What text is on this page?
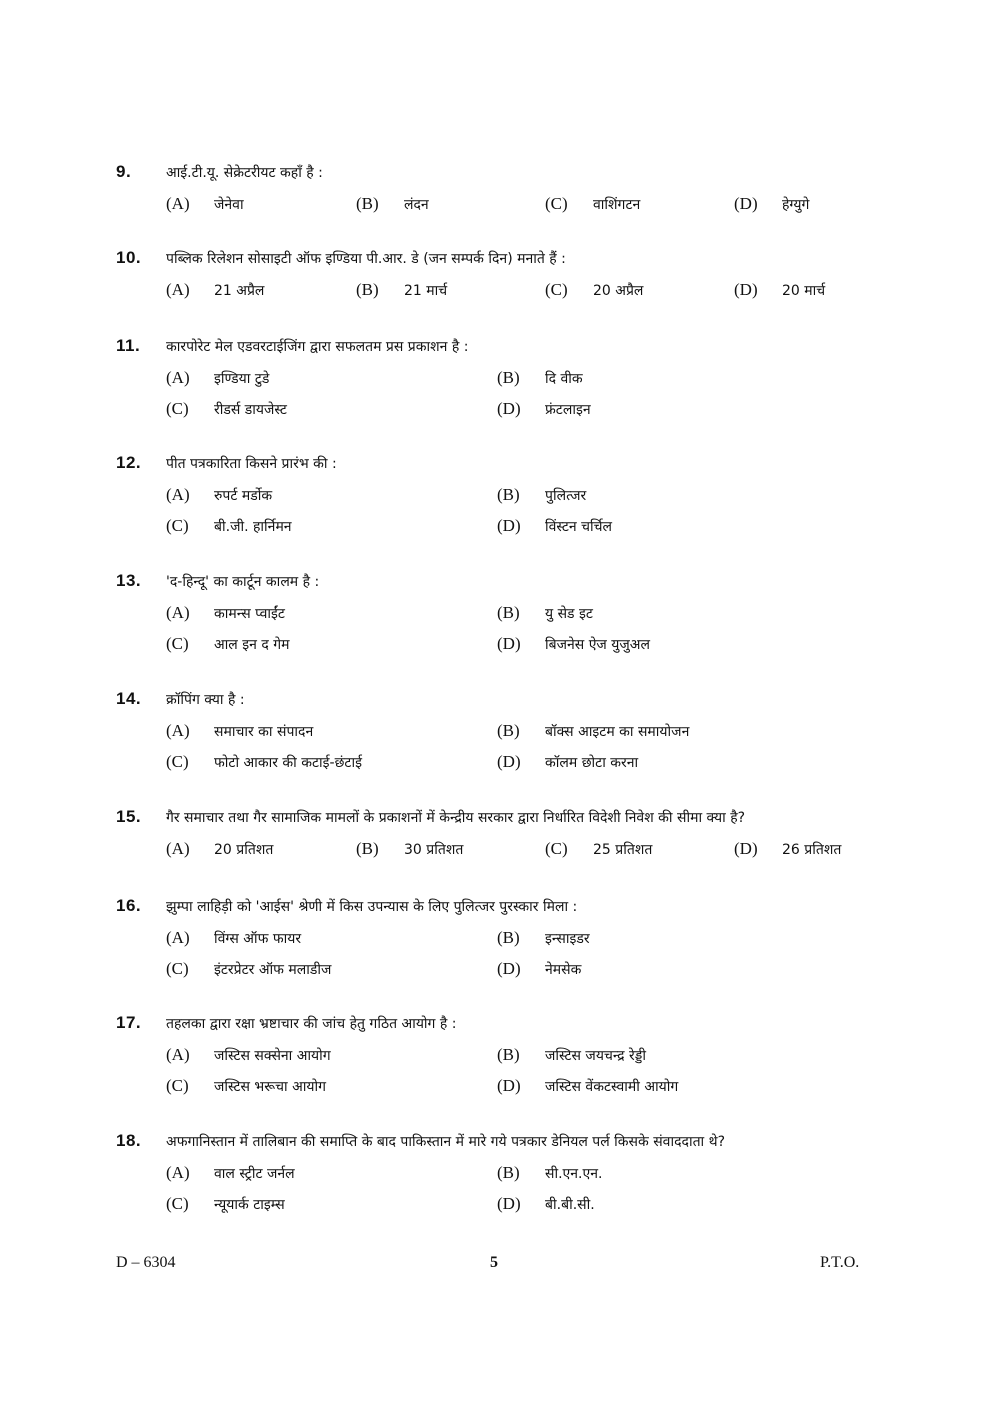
9. आई.टी.यू. सेक्रेटरीयट कहाँ है :
(A) जेनेवा	(B) लंदन	(C) वाशिंगटन	(D) हेग्युगे
10. पब्लिक रिलेशन सोसाइटी ऑफ इण्डिया पी.आर. डे (जन सम्पर्क दिन) मनाते हैं :
(A) 21 अप्रैल	(B) 21 मार्च	(C) 20 अप्रैल	(D) 20 मार्च
11. कारपोरेट मेल एडवरटाईजिंग द्वारा सफलतम प्रस प्रकाशन है :
(A) इण्डिया टुडे	(B) दि वीक
(C) रीडर्स डायजेस्ट	(D) फ्रंटलाइन
12. पीत पत्रकारिता किसने प्रारंभ की :
(A) रुपर्ट मर्डोक	(B) पुलित्जर
(C) बी.जी. हार्निमन	(D) विंस्टन चर्चिल
13. 'द-हिन्दू' का कार्टून कालम है :
(A) कामन्स प्वाईंट	(B) यु सेड इट
(C) आल इन द गेम	(D) बिजनेस ऐज युजुअल
14. क्रॉपिंग क्या है :
(A) समाचार का संपादन	(B) बॉक्स आइटम का समायोजन
(C) फोटो आकार की कटाई-छंटाई	(D) कॉलम छोटा करना
15. गैर समाचार तथा गैर सामाजिक मामलों के प्रकाशनों में केन्द्रीय सरकार द्वारा निर्धारित विदेशी निवेश की सीमा क्या है?
(A) 20 प्रतिशत	(B) 30 प्रतिशत	(C) 25 प्रतिशत	(D) 26 प्रतिशत
16. झुम्पा लाहिड़ी को 'आईस' श्रेणी में किस उपन्यास के लिए पुलित्जर पुरस्कार मिला :
(A) विंग्स ऑफ फायर	(B) इन्साइडर
(C) इंटरप्रेटर ऑफ मलाडीज	(D) नेमसेक
17. तहलका द्वारा रक्षा भ्रष्टाचार की जांच हेतु गठित आयोग है :
(A) जस्टिस सक्सेना आयोग	(B) जस्टिस जयचन्द्र रेड्डी
(C) जस्टिस भरूचा आयोग	(D) जस्टिस वेंकटस्वामी आयोग
18. अफगानिस्तान में तालिबान की समाप्ति के बाद पाकिस्तान में मारे गये पत्रकार डेनियल पर्ल किसके संवाददाता थे?
(A) वाल स्ट्रीट जर्नल	(B) सी.एन.एन.
(C) न्यूयार्क टाइम्स	(D) बी.बी.सी.
D – 6304	5	P.T.O.
